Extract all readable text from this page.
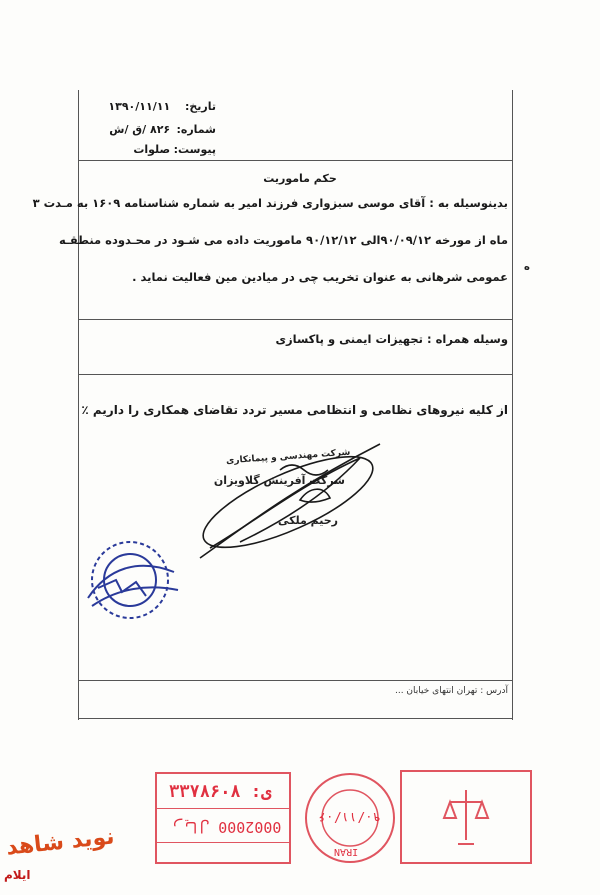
تاریخ: ۱۳۹۰/۱۱/۱۱
شماره: ۸۲۶ /ق /ش
پیوست: صلوات
حکم ماموریت
بدینوسیله به : آقای موسی سبزواری فرزند امیر به شماره شناسنامه ۱۶۰۹ به مـدت ۳
ماه از مورخه ۹۰/۰۹/۱۲الی ۹۰/۱۲/۱۲ ماموریت داده می شـود در محـدوده منطقـه
عمومی شرهانی به عنوان تخریب چی در میادین مین فعالیت نماید .
ه
وسیله همراه : تجهیزات ایمنی و پاکسازی
از کلیه نیروهای نظامی و انتظامی مسیر تردد تقاضای همکاری را داریم ٪
شرکت مهندسی و پیمانکاری
شرکت آفرینش گلاویزان
رحیم ملکی
آدرس : تهران انتهای خیابان ...
۳ى: ۳۷۸۶۰۸
ريال 0002000
۹۰/۱۱/۰۶
IRAN
نوید شاهد
ایلام
